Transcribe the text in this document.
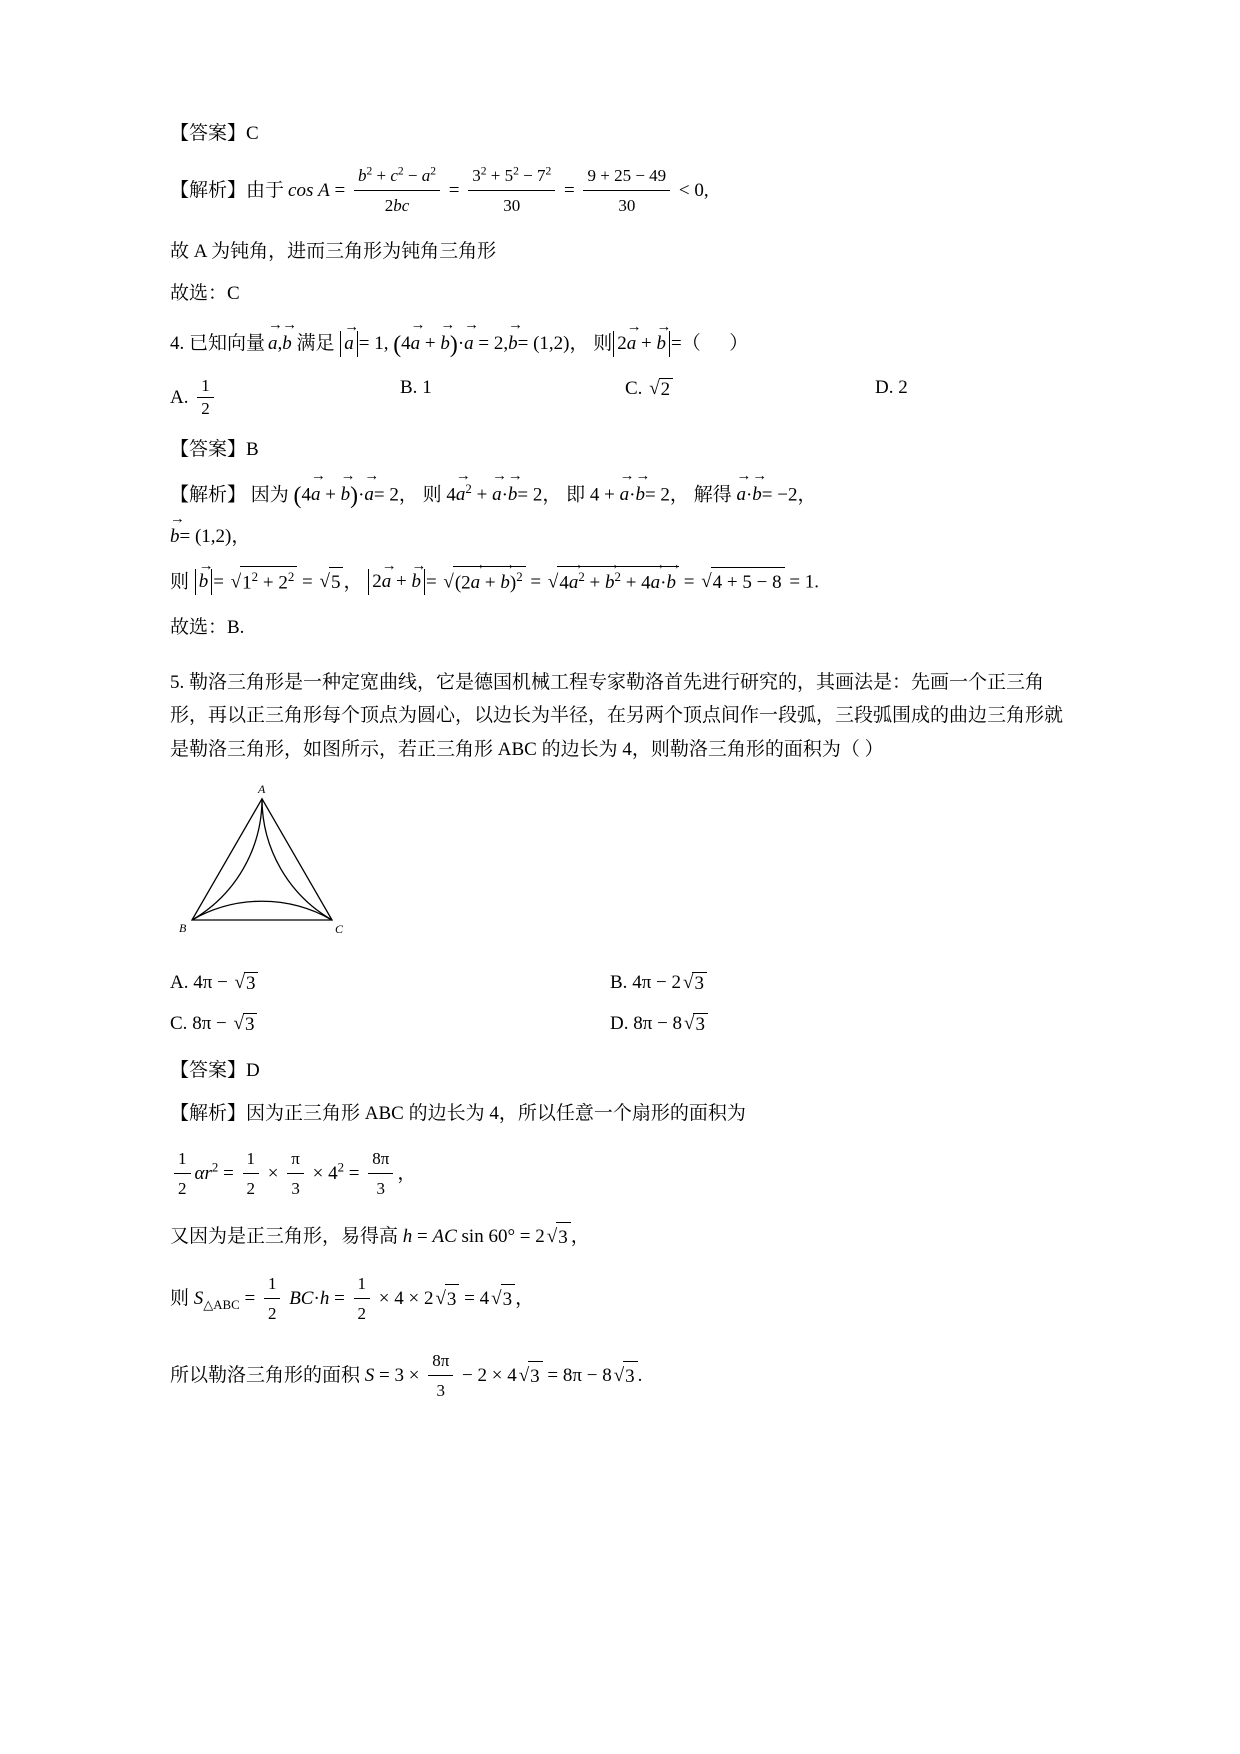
【答案】C
【解析】由于 $\cos A = \frac{b^2 + c^2 - a^2}{2bc} = \frac{3^2 + 5^2 - 7^2}{30} = \frac{9 + 25 - 49}{30} < 0$,
故 A 为钝角，进而三角形为钝角三角形
故选：C
4. 已知向量 a →,b → 满足 a → = 1, (4a → + b →)·a → = 2,b →= (1,2)， 则 2a → + b → =（      ）
A. $\frac{1}{2}$	B. 1	C. √2	D. 2
【答案】B
【解析】 因为 (4a → + b →)·a →= 2， 则 4a →$^2$ + a →·b →= 2， 即 4 + a →·b →= 2， 解得 a →·b →= −2，
b →= (1,2)，
则 b → = $√1^2 + 2^2 = √5$ ， 2a → + b → = √(2a → + b →)$^2$ = √4a →$^2$ + b →$^2$ + 4a →·b → = √4 + 5 − 8 = 1.
故选：B.
5. 勒洛三角形是一种定宽曲线，它是德国机械工程专家勒洛首先进行研究的，其画法是：先画一个正三角形，再以正三角形每个顶点为圆心，以边长为半径，在另两个顶点间作一段弧，三段弧围成的曲边三角形就是勒洛三角形，如图所示，若正三角形 ABC 的边长为 4，则勒洛三角形的面积为（ ）
A
B	C
A. 4π − √3	B. 4π − 2 √3
C. 8π − √3	D. 8π − 8 √3
【答案】D
【解析】因为正三角形 ABC 的边长为 4，所以任意一个扇形的面积为
$\frac{1}{2} \alpha r^2 = \frac{1}{2} \times \frac{\pi}{3} \times 4^2 = \frac{8\pi}{3}$ ，
又因为是正三角形，易得高 h = AC sin 60° = 2 √3 ，
则 $S_{\triangle ABC} = \frac{1}{2} BC\cdot h = \frac{1}{2} \times 4 \times 2$ √3 = 4 √3 ，
所以勒洛三角形的面积 $S = 3 \times \frac{8\pi}{3} - 2 \times 4$ √3 = 8π − 8 √3 .
